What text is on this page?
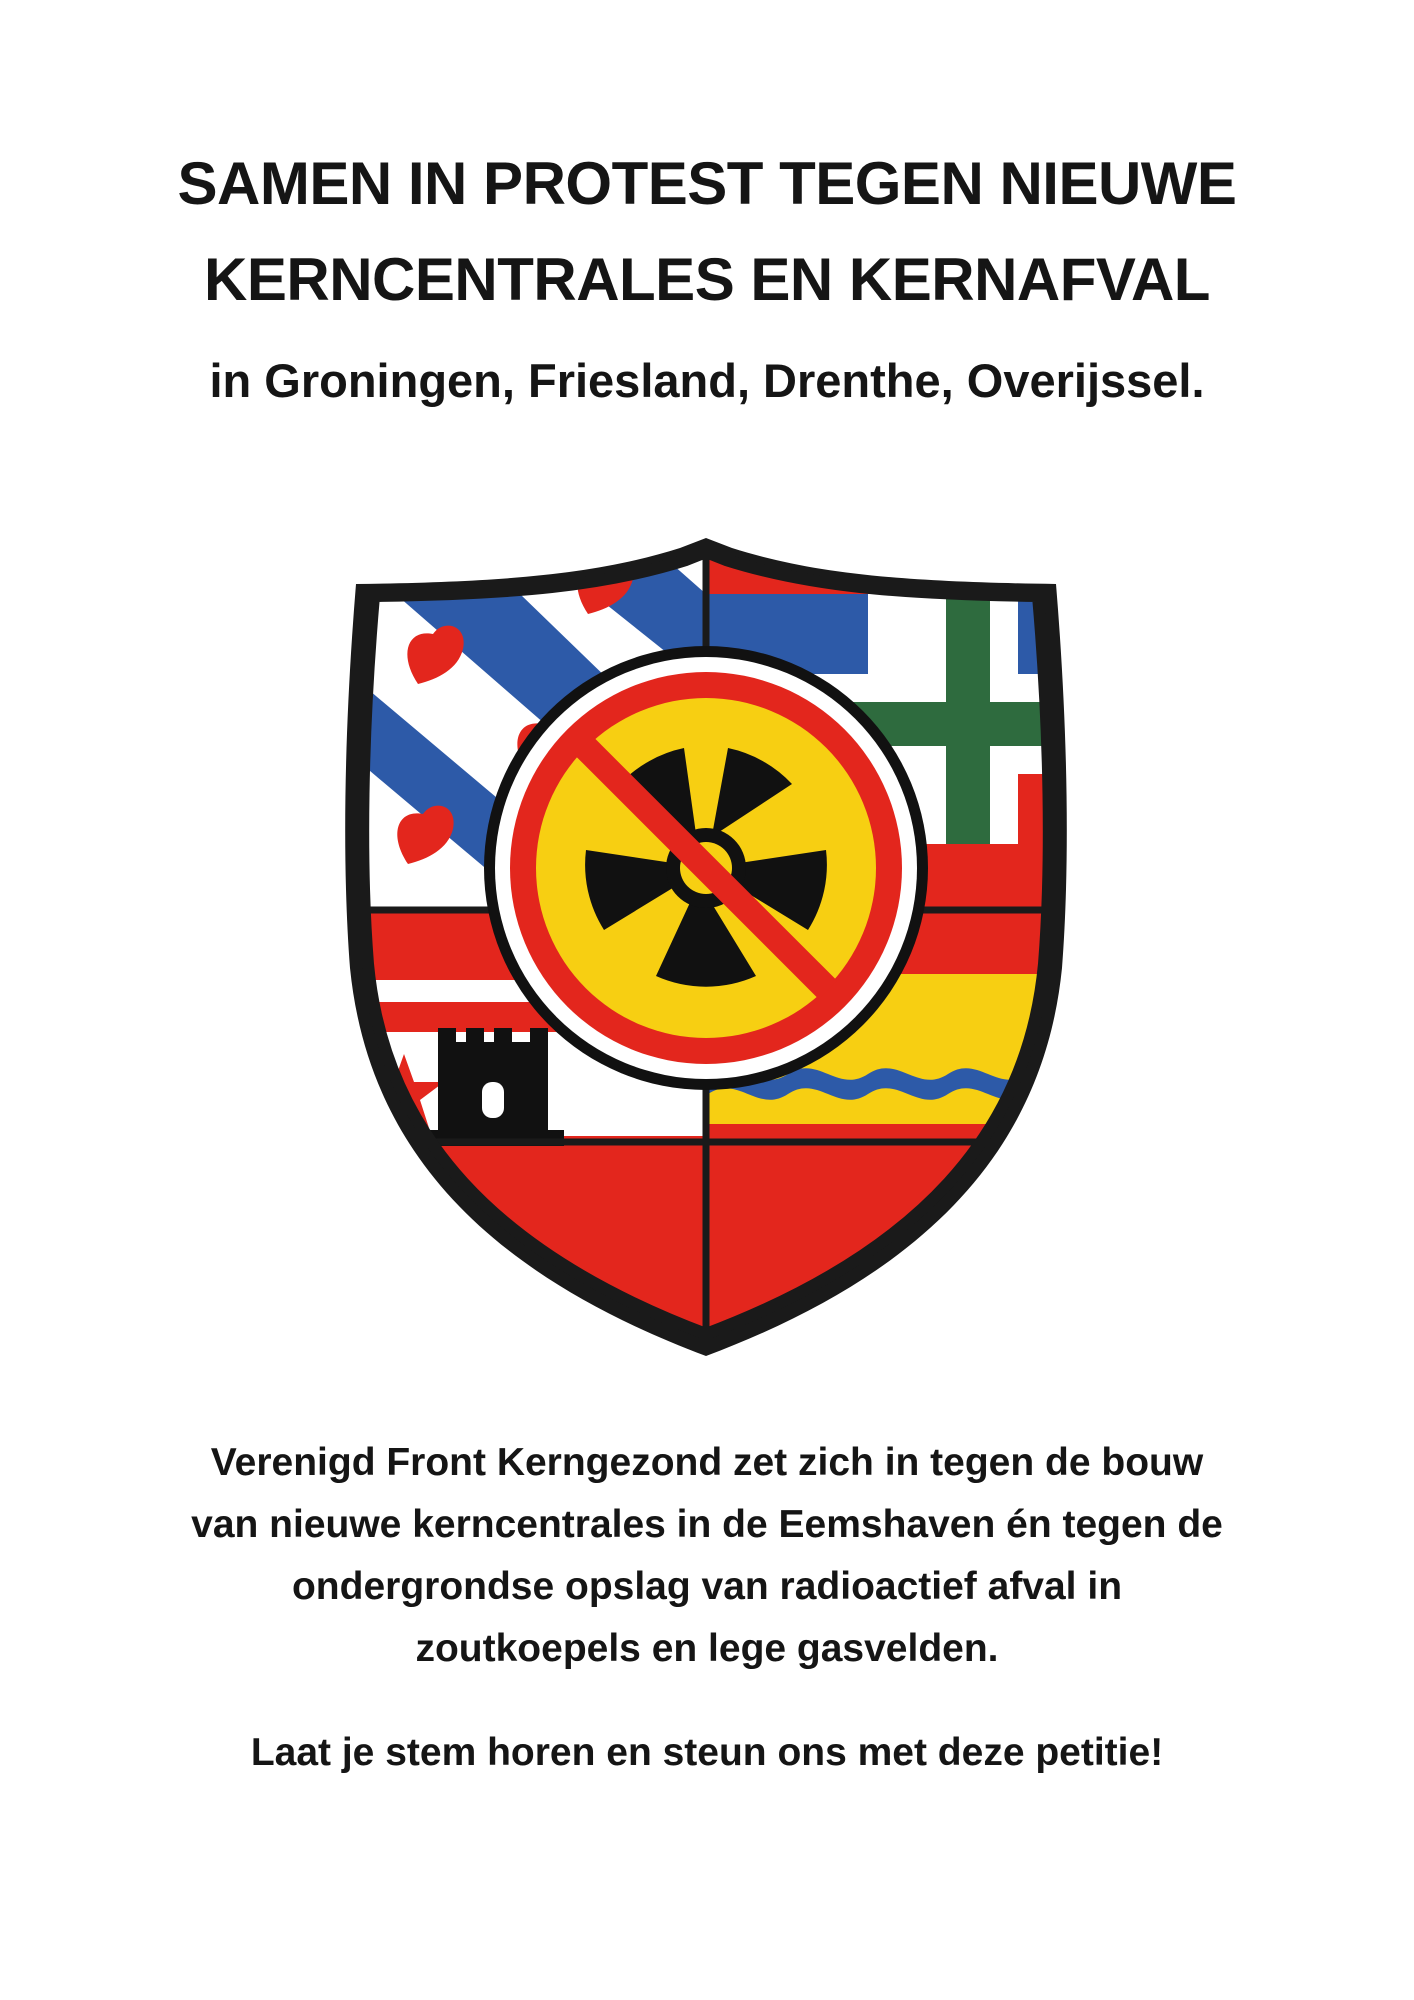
SAMEN IN PROTEST TEGEN NIEUWE
KERNCENTRALES EN KERNAFVAL
in Groningen, Friesland, Drenthe, Overijssel.

Verenigd Front Kerngezond zet zich in tegen de bouw
van nieuwe kerncentrales in de Eemshaven én tegen de
ondergrondse opslag van radioactief afval in
zoutkoepels en lege gasvelden.

Laat je stem horen en steun ons met deze petitie!
